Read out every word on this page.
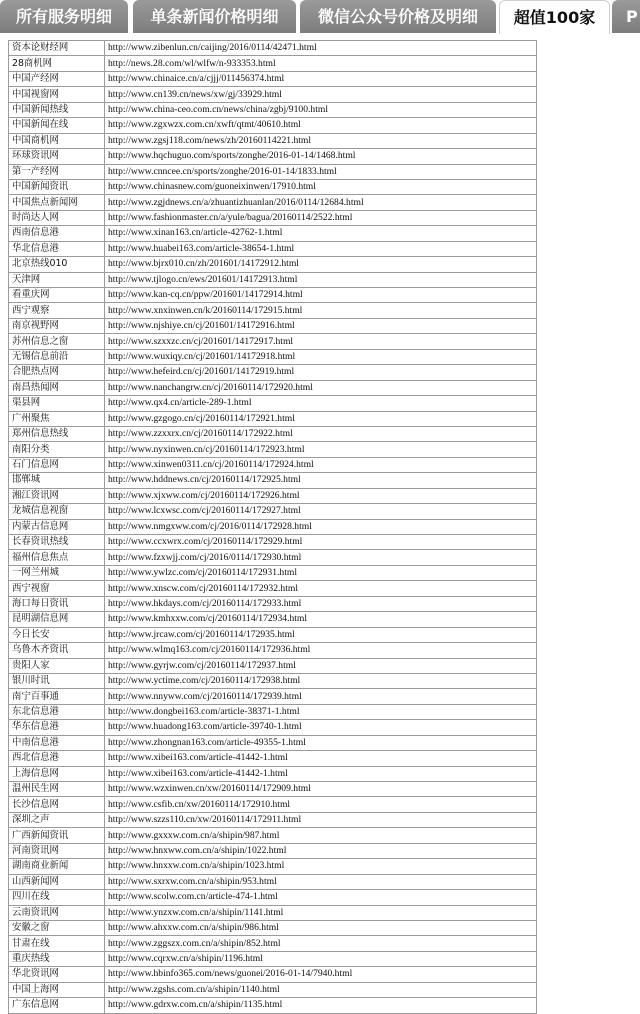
所有服务明细	单条新闻价格明细	微信公众号价格及明细	超值100家	P
资本论财经网	http://www.zibenlun.cn/caijing/2016/0114/42471.html
28商机网	http://news.28.com/wl/wlfw/n-933353.html
中国产经网	http://www.chinaice.cn/a/cjjj/011456374.html
中国视窗网	http://www.cn139.cn/news/xw/gj/33929.html
中国新闻热线	http://www.china-ceo.com.cn/news/china/zgbj/9100.html
中国新闻在线	http://www.zgxwzx.com.cn/xwft/qtmt/40610.html
中国商机网	http://www.zgsj118.com/news/zh/20160114221.html
环球资讯网	http://www.hqchuguo.com/sports/zonghe/2016-01-14/1468.html
第一产经网	http://www.cnncee.cn/sports/zonghe/2016-01-14/1833.html
中国新闻资讯	http://www.chinasnew.com/guoneixinwen/17910.html
中国焦点新闻网	http://www.zgjdnews.cn/a/zhuantizhuanlan/2016/0114/12684.html
时尚达人网	http://www.fashionmaster.cn/a/yule/bagua/20160114/2522.html
西南信息港	http://www.xinan163.cn/article-42762-1.html
华北信息港	http://www.huabei163.com/article-38654-1.html
北京热线010	http://www.bjrx010.cn/zh/201601/14172912.html
天津网	http://www.tjlogo.cn/ews/201601/14172913.html
看重庆网	http://www.kan-cq.cn/ppw/201601/14172914.html
西宁观察	http://www.xnxinwen.cn/k/20160114/172915.html
南京视野网	http://www.njshiye.cn/cj/201601/14172916.html
苏州信息之窗	http://www.szxxzc.cn/cj/201601/14172917.html
无锡信息前沿	http://www.wuxiqy.cn/cj/201601/14172918.html
合肥热点网	http://www.hefeird.cn/cj/201601/14172919.html
南昌热闻网	http://www.nanchangrw.cn/cj/20160114/172920.html
渠县网	http://www.qx4.cn/article-289-1.html
广州聚焦	http://www.gzgogo.cn/cj/20160114/172921.html
郑州信息热线	http://www.zzxxrx.cn/cj/20160114/172922.html
南阳分类	http://www.nyxinwen.cn/cj/20160114/172923.html
石门信息网	http://www.xinwen0311.cn/cj/20160114/172924.html
邯郸城	http://www.hddnews.cn/cj/20160114/172925.html
湘江资讯网	http://www.xjxww.com/cj/20160114/172926.html
龙城信息视窗	http://www.lcxwsc.com/cj/20160114/172927.html
内蒙古信息网	http://www.nmgxww.com/cj/2016/0114/172928.html
长春资讯热线	http://www.ccxwrx.com/cj/20160114/172929.html
福州信息焦点	http://www.fzxwjj.com/cj/2016/0114/172930.html
一网兰州城	http://www.ywlzc.com/cj/20160114/172931.html
西宁视窗	http://www.xnscw.com/cj/20160114/172932.html
海口每日资讯	http://www.hkdays.com/cj/20160114/172933.html
昆明湖信息网	http://www.kmhxxw.com/cj/20160114/172934.html
今日长安	http://www.jrcaw.com/cj/20160114/172935.html
乌鲁木齐资讯	http://www.wlmq163.com/cj/20160114/172936.html
贵阳人家	http://www.gyrjw.com/cj/20160114/172937.html
银川时讯	http://www.yctime.com/cj/20160114/172938.html
南宁百事通	http://www.nnyww.com/cj/20160114/172939.html
东北信息港	http://www.dongbei163.com/article-38371-1.html
华东信息港	http://www.huadong163.com/article-39740-1.html
中南信息港	http://www.zhongnan163.com/article-49355-1.html
西北信息港	http://www.xibei163.com/article-41442-1.html
上海信息网	http://www.xibei163.com/article-41442-1.html
温州民生网	http://www.wzxinwen.cn/xw/20160114/172909.html
长沙信息网	http://www.csfib.cn/xw/20160114/172910.html
深圳之声	http://www.szzs110.cn/xw/20160114/172911.html
广西新闻资讯	http://www.gxxxw.com.cn/a/shipin/987.html
河南资讯网	http://www.hnxww.com.cn/a/shipin/1022.html
湖南商业新闻	http://www.hnxxw.com.cn/a/shipin/1023.html
山西新闻网	http://www.sxrxw.com.cn/a/shipin/953.html
四川在线	http://www.scolw.com.cn/article-474-1.html
云南资讯网	http://www.ynzxw.com.cn/a/shipin/1141.html
安徽之窗	http://www.ahxxw.com.cn/a/shipin/986.html
甘肃在线	http://www.zggszx.com.cn/a/shipin/852.html
重庆热线	http://www.cqrxw.cn/a/shipin/1196.html
华北资讯网	http://www.hbinfo365.com/news/guonei/2016-01-14/7940.html
中国上海网	http://www.zgshs.com.cn/a/shipin/1140.html
广东信息网	http://www.gdrxw.com.cn/a/shipin/1135.html
